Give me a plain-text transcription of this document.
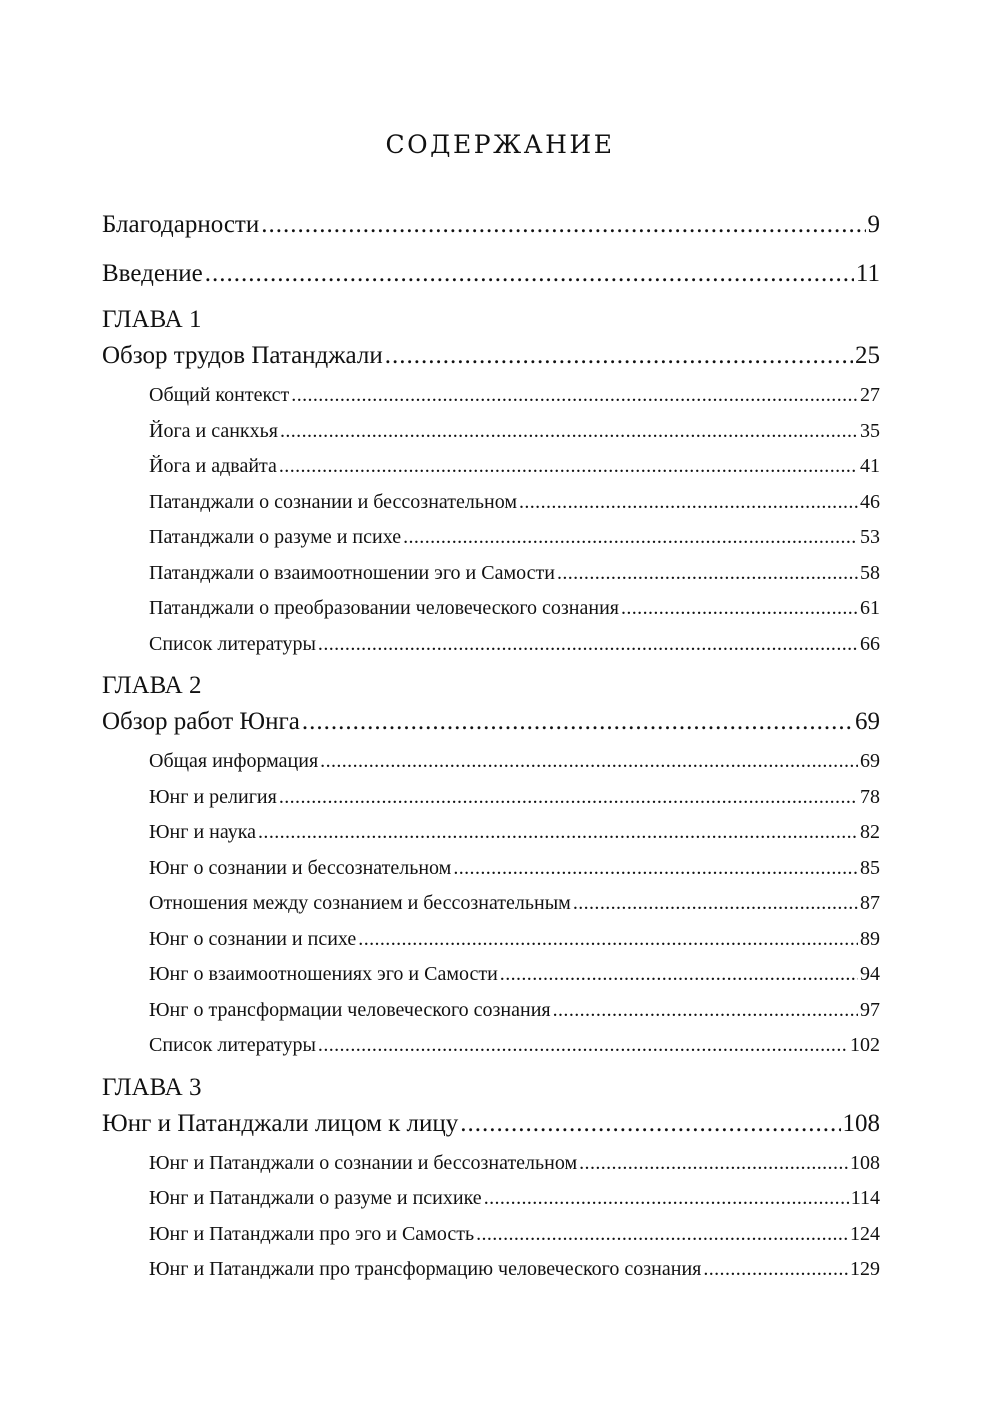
СОДЕРЖАНИЕ
Благодарности .....	9
Введение .....	11
ГЛАВА 1
Обзор трудов Патанджали .....	25
Общий контекст .....	27
Йога и санкхья .....	35
Йога и адвайта .....	41
Патанджали о сознании и бессознательном .....	46
Патанджали о разуме и психе .....	53
Патанджали о взаимоотношении эго и Самости .....	58
Патанджали о преобразовании человеческого сознания .....	61
Список литературы .....	66
ГЛАВА 2
Обзор работ Юнга .....	69
Общая информация .....	69
Юнг и религия .....	78
Юнг и наука .....	82
Юнг о сознании и бессознательном .....	85
Отношения между сознанием и бессознательным .....	87
Юнг о сознании и психе .....	89
Юнг о взаимоотношениях эго и Самости .....	94
Юнг о трансформации человеческого сознания .....	97
Список литературы .....	102
ГЛАВА 3
Юнг и Патанджали лицом к лицу .....	108
Юнг и Патанджали о сознании и бессознательном .....	108
Юнг и Патанджали о разуме и психике .....	114
Юнг и Патанджали про эго и Самость .....	124
Юнг и Патанджали про трансформацию человеческого сознания .....	129
